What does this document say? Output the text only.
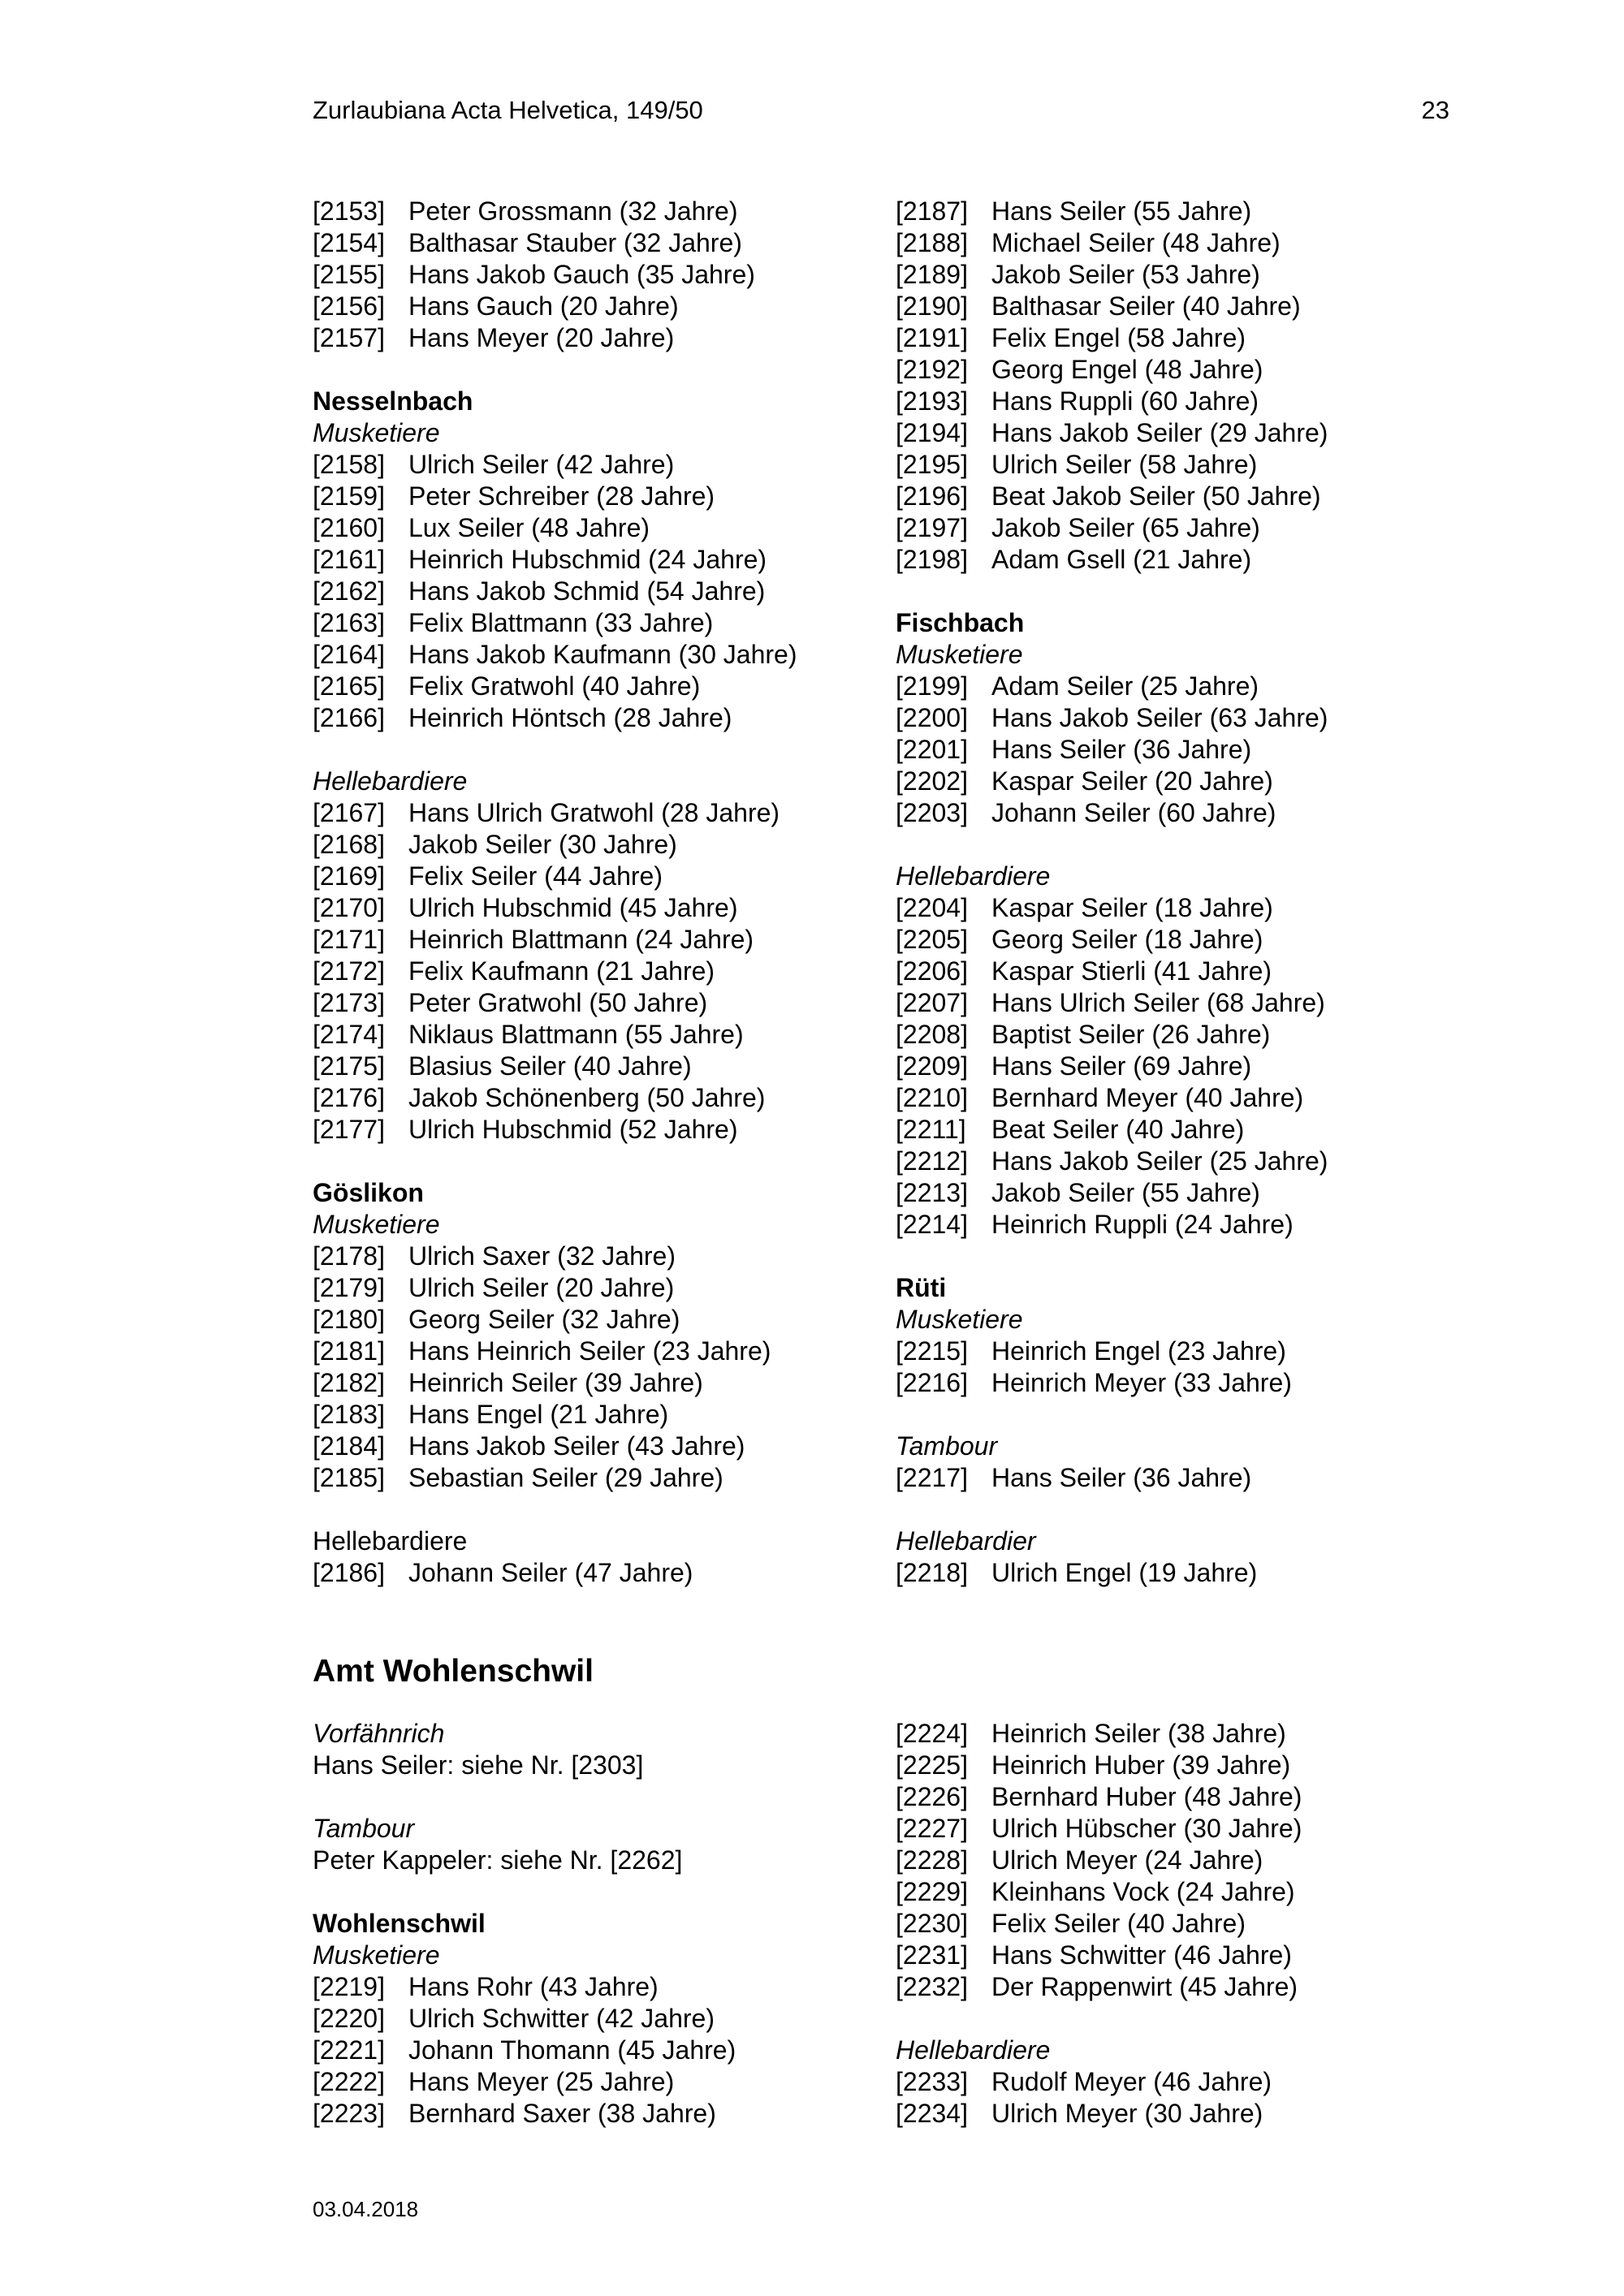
Zurlaubiana Acta Helvetica, 149/50	23
[2153] Peter Grossmann (32 Jahre)
[2154] Balthasar Stauber (32 Jahre)
[2155] Hans Jakob Gauch (35 Jahre)
[2156] Hans Gauch (20 Jahre)
[2157] Hans Meyer (20 Jahre)
Nesselnbach
Musketiere
[2158] Ulrich Seiler (42 Jahre)
[2159] Peter Schreiber (28 Jahre)
[2160] Lux Seiler (48 Jahre)
[2161] Heinrich Hubschmid (24 Jahre)
[2162] Hans Jakob Schmid (54 Jahre)
[2163] Felix Blattmann (33 Jahre)
[2164] Hans Jakob Kaufmann (30 Jahre)
[2165] Felix Gratwohl (40 Jahre)
[2166] Heinrich Höntsch (28 Jahre)
Hellebardiere
[2167] Hans Ulrich Gratwohl (28 Jahre)
[2168] Jakob Seiler (30 Jahre)
[2169] Felix Seiler (44 Jahre)
[2170] Ulrich Hubschmid (45 Jahre)
[2171] Heinrich Blattmann (24 Jahre)
[2172] Felix Kaufmann (21 Jahre)
[2173] Peter Gratwohl (50 Jahre)
[2174] Niklaus Blattmann (55 Jahre)
[2175] Blasius Seiler (40 Jahre)
[2176] Jakob Schönenberg (50 Jahre)
[2177] Ulrich Hubschmid (52 Jahre)
Göslikon
Musketiere
[2178] Ulrich Saxer (32 Jahre)
[2179] Ulrich Seiler (20 Jahre)
[2180] Georg Seiler (32 Jahre)
[2181] Hans Heinrich Seiler (23 Jahre)
[2182] Heinrich Seiler (39 Jahre)
[2183] Hans Engel (21 Jahre)
[2184] Hans Jakob Seiler (43 Jahre)
[2185] Sebastian Seiler (29 Jahre)
Hellebardiere
[2186] Johann Seiler (47 Jahre)
[2187] Hans Seiler (55 Jahre)
[2188] Michael Seiler (48 Jahre)
[2189] Jakob Seiler (53 Jahre)
[2190] Balthasar Seiler (40 Jahre)
[2191] Felix Engel (58 Jahre)
[2192] Georg Engel (48 Jahre)
[2193] Hans Ruppli (60 Jahre)
[2194] Hans Jakob Seiler (29 Jahre)
[2195] Ulrich Seiler (58 Jahre)
[2196] Beat Jakob Seiler (50 Jahre)
[2197] Jakob Seiler (65 Jahre)
[2198] Adam Gsell (21 Jahre)
Fischbach
Musketiere
[2199] Adam Seiler (25 Jahre)
[2200] Hans Jakob Seiler (63 Jahre)
[2201] Hans Seiler (36 Jahre)
[2202] Kaspar Seiler (20 Jahre)
[2203] Johann Seiler (60 Jahre)
Hellebardiere
[2204] Kaspar Seiler (18 Jahre)
[2205] Georg Seiler (18 Jahre)
[2206] Kaspar Stierli (41 Jahre)
[2207] Hans Ulrich Seiler (68 Jahre)
[2208] Baptist Seiler (26 Jahre)
[2209] Hans Seiler (69 Jahre)
[2210] Bernhard Meyer (40 Jahre)
[2211] Beat Seiler (40 Jahre)
[2212] Hans Jakob Seiler (25 Jahre)
[2213] Jakob Seiler (55 Jahre)
[2214] Heinrich Ruppli (24 Jahre)
Rüti
Musketiere
[2215] Heinrich Engel (23 Jahre)
[2216] Heinrich Meyer (33 Jahre)
Tambour
[2217] Hans Seiler (36 Jahre)
Hellebardier
[2218] Ulrich Engel (19 Jahre)
Amt Wohlenschwil
Vorfähnrich
Hans Seiler: siehe Nr. [2303]
Tambour
Peter Kappeler: siehe Nr. [2262]
Wohlenschwil
Musketiere
[2219] Hans Rohr (43 Jahre)
[2220] Ulrich Schwitter (42 Jahre)
[2221] Johann Thomann (45 Jahre)
[2222] Hans Meyer (25 Jahre)
[2223] Bernhard Saxer (38 Jahre)
[2224] Heinrich Seiler (38 Jahre)
[2225] Heinrich Huber (39 Jahre)
[2226] Bernhard Huber (48 Jahre)
[2227] Ulrich Hübscher (30 Jahre)
[2228] Ulrich Meyer (24 Jahre)
[2229] Kleinhans Vock (24 Jahre)
[2230] Felix Seiler (40 Jahre)
[2231] Hans Schwitter (46 Jahre)
[2232] Der Rappenwirt (45 Jahre)
Hellebardiere
[2233] Rudolf Meyer (46 Jahre)
[2234] Ulrich Meyer (30 Jahre)
03.04.2018
